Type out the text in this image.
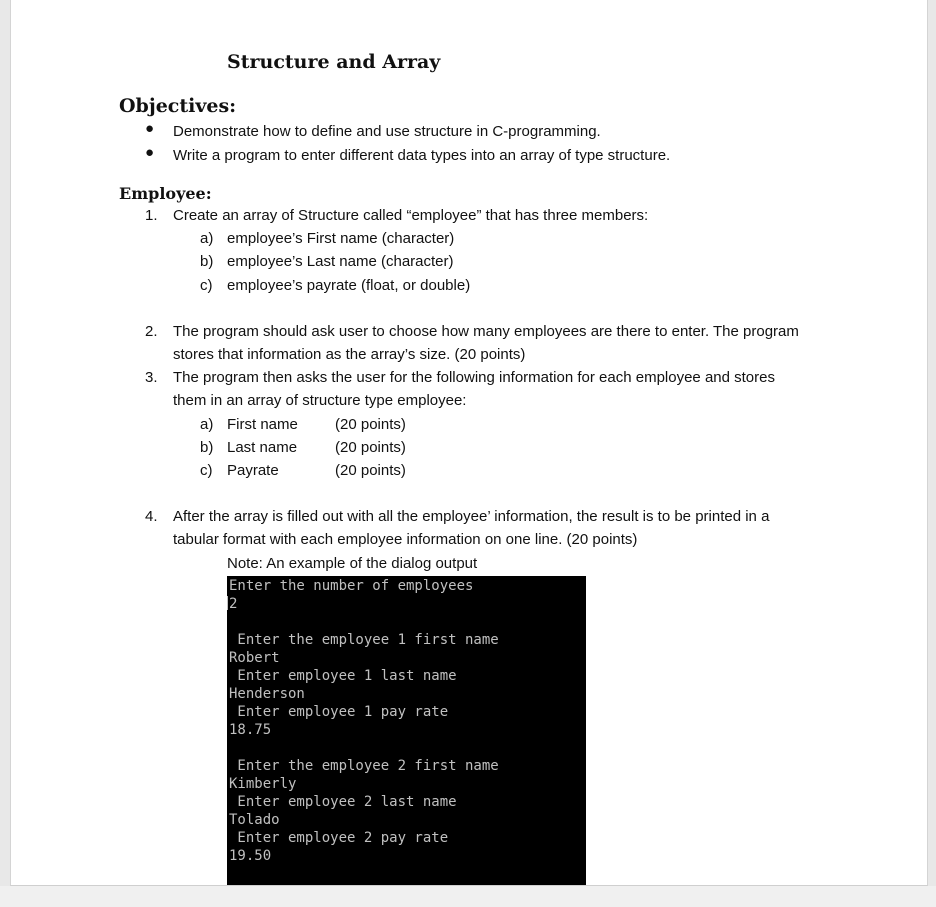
Structure and Array
Objectives:
● Demonstrate how to define and use structure in C-programming.
● Write a program to enter different data types into an array of type structure.
Employee:
1. Create an array of Structure called “employee” that has three members:
a) employee’s First name (character)
b) employee’s Last name (character)
c) employee’s payrate (float, or double)
2. The program should ask user to choose how many employees are there to enter. The program
stores that information as the array’s size. (20 points)
3. The program then asks the user for the following information for each employee and stores
them in an array of structure type employee:
a) First name (20 points)
b) Last name	(20 points)
c) Payrate	(20 points)
4. After the array is filled out with all the employee’ information, the result is to be printed in a
tabular format with each employee information on one line. (20 points)
Note: An example of the dialog output
Enter the number of employees
2
Enter the employee 1 first name
Robert
Enter employee 1 last name
Henderson
Enter employee 1 pay rate
18.75
Enter the employee 2 first name
Kimberly
Enter employee 2 last name
Tolado
Enter employee 2 pay rate
19.50
